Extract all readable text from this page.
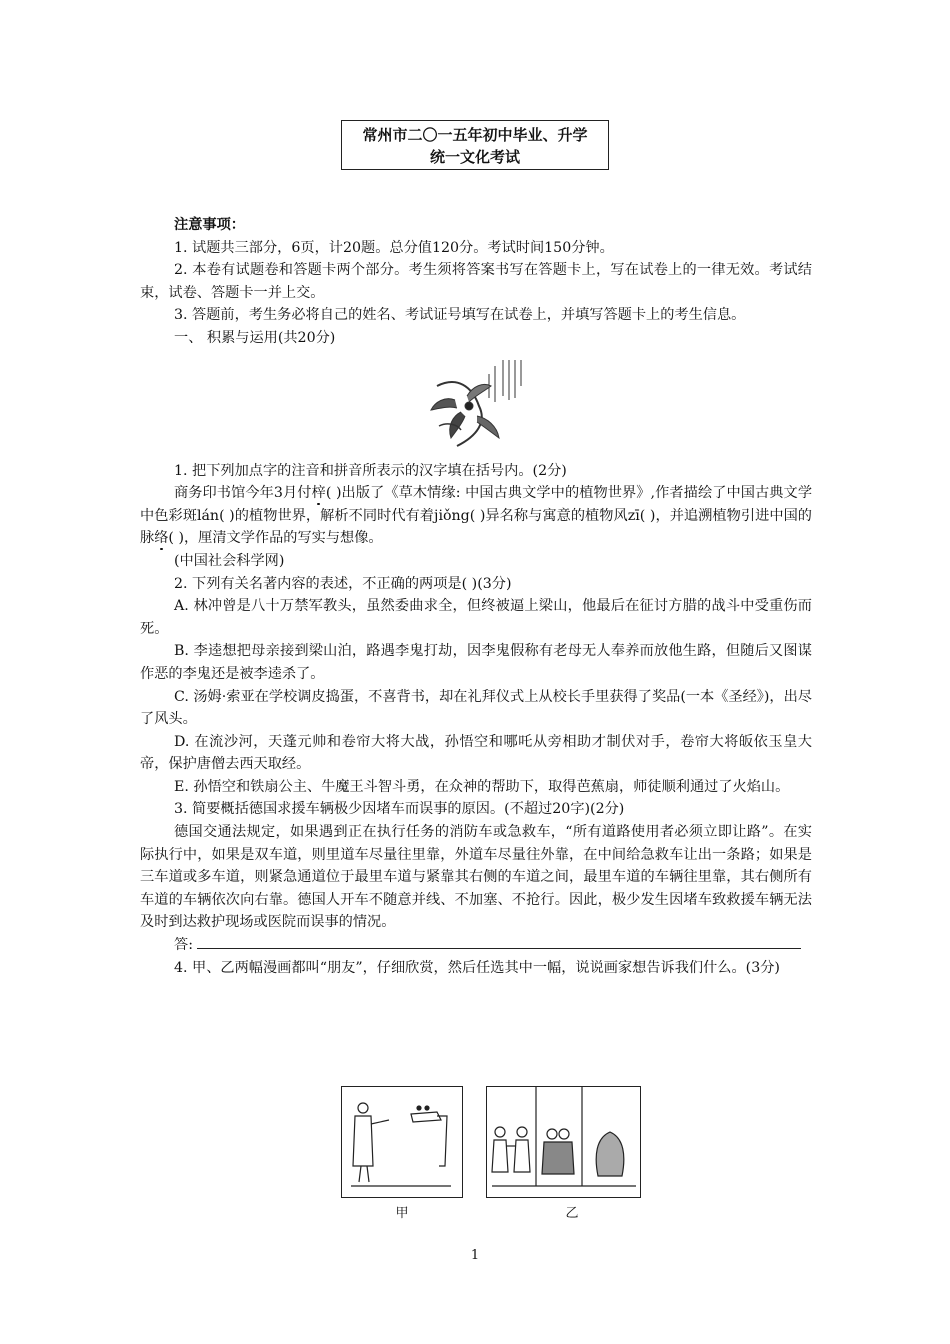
常州市二〇一五年初中毕业、升学
统一文化考试

注意事项：

1. 试题共三部分，6页，计20题。总分值120分。考试时间150分钟。

2. 本卷有试题卷和答题卡两个部分。考生须将答案书写在答题卡上，写在试卷上的一律无效。考试结束，试卷、答题卡一并上交。

3. 答题前，考生务必将自己的姓名、考试证号填写在试卷上，并填写答题卡上的考生信息。

一、 积累与运用(共20分)

1. 把下列加点字的注音和拼音所表示的汉字填在括号内。(2分)

商务印书馆今年3月付梓( )出版了《草木情缘: 中国古典文学中的植物世界》,作者描绘了中国古典文学中色彩斑lán( )的植物世界，解析不同时代有着jiǒng( )异名称与寓意的植物风zī( )，并追溯植物引进中国的脉络( )，厘清文学作品的写实与想像。

(中国社会科学网)

2. 下列有关名著内容的表述，不正确的两项是( )(3分)

A. 林冲曾是八十万禁军教头，虽然委曲求全，但终被逼上梁山，他最后在征讨方腊的战斗中受重伤而死。

B. 李逵想把母亲接到梁山泊，路遇李鬼打劫，因李鬼假称有老母无人奉养而放他生路，但随后又图谋作恶的李鬼还是被李逵杀了。

C. 汤姆·索亚在学校调皮捣蛋，不喜背书，却在礼拜仪式上从校长手里获得了奖品(一本《圣经》)，出尽了风头。

D. 在流沙河，天蓬元帅和卷帘大将大战，孙悟空和哪吒从旁相助才制伏对手，卷帘大将皈依玉皇大帝，保护唐僧去西天取经。

E. 孙悟空和铁扇公主、牛魔王斗智斗勇，在众神的帮助下，取得芭蕉扇，师徒顺利通过了火焰山。

3. 简要概括德国求援车辆极少因堵车而误事的原因。(不超过20字)(2分)

德国交通法规定，如果遇到正在执行任务的消防车或急救车，“所有道路使用者必须立即让路”。在实际执行中，如果是双车道，则里道车尽量往里靠，外道车尽量往外靠，在中间给急救车让出一条路；如果是三车道或多车道，则紧急通道位于最里车道与紧靠其右侧的车道之间，最里车道的车辆往里靠，其右侧所有车道的车辆依次向右靠。德国人开车不随意并线、不加塞、不抢行。因此，极少发生因堵车致救援车辆无法及时到达救护现场或医院而误事的情况。

答:

4. 甲、乙两幅漫画都叫“朋友”，仔细欣赏，然后任选其中一幅，说说画家想告诉我们什么。(3分)

甲	乙
1
